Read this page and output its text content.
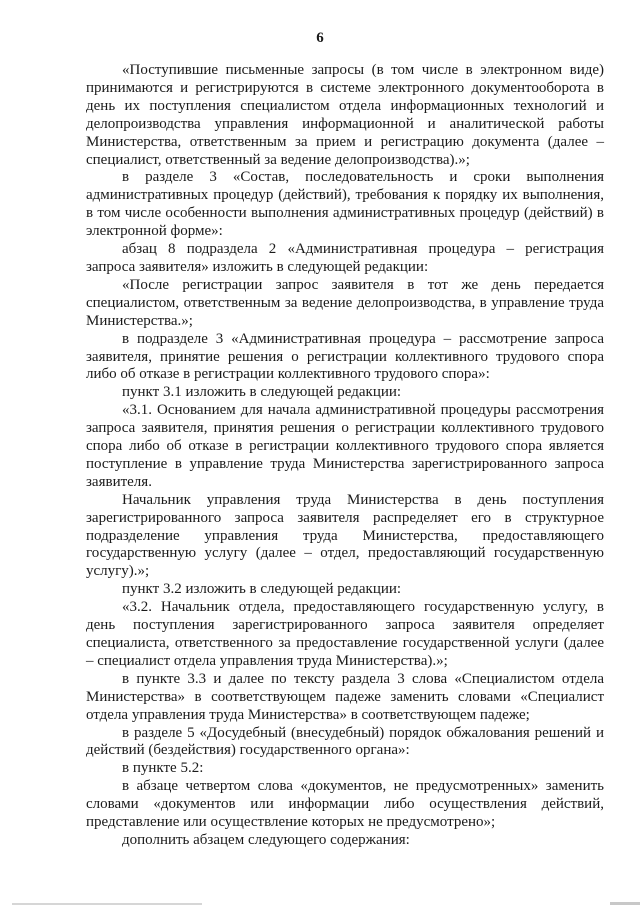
6

«Поступившие письменные запросы (в том числе в электронном виде) принимаются и регистрируются в системе электронного документооборота в день их поступления специалистом отдела информационных технологий и делопроизводства управления информационной и аналитической работы Министерства, ответственным за прием и регистрацию документа (далее – специалист, ответственный за ведение делопроизводства).»;

в разделе 3 «Состав, последовательность и сроки выполнения административных процедур (действий), требования к порядку их выполнения, в том числе особенности выполнения административных процедур (действий) в электронной форме»:

абзац 8 подраздела 2 «Административная процедура – регистрация запроса заявителя» изложить в следующей редакции:

«После регистрации запрос заявителя в тот же день передается специалистом, ответственным за ведение делопроизводства, в управление труда Министерства.»;

в подразделе 3 «Административная процедура – рассмотрение запроса заявителя, принятие решения о регистрации коллективного трудового спора либо об отказе в регистрации коллективного трудового спора»:

пункт 3.1 изложить в следующей редакции:

«3.1. Основанием для начала административной процедуры рассмотрения запроса заявителя, принятия решения о регистрации коллективного трудового спора либо об отказе в регистрации коллективного трудового спора является поступление в управление труда Министерства зарегистрированного запроса заявителя.

Начальник управления труда Министерства в день поступления зарегистрированного запроса заявителя распределяет его в структурное подразделение управления труда Министерства, предоставляющего государственную услугу (далее – отдел, предоставляющий государственную услугу).»;

пункт 3.2 изложить в следующей редакции:

«3.2. Начальник отдела, предоставляющего государственную услугу, в день поступления зарегистрированного запроса заявителя определяет специалиста, ответственного за предоставление государственной услуги (далее – специалист отдела управления труда Министерства).»;

в пункте 3.3 и далее по тексту раздела 3 слова «Специалистом отдела Министерства» в соответствующем падеже заменить словами «Специалист отдела управления труда Министерства» в соответствующем падеже;

в разделе 5 «Досудебный (внесудебный) порядок обжалования решений и действий (бездействия) государственного органа»:

в пункте 5.2:

в абзаце четвертом слова «документов, не предусмотренных» заменить словами «документов или информации либо осуществления действий, представление или осуществление которых не предусмотрено»;

дополнить абзацем следующего содержания:
